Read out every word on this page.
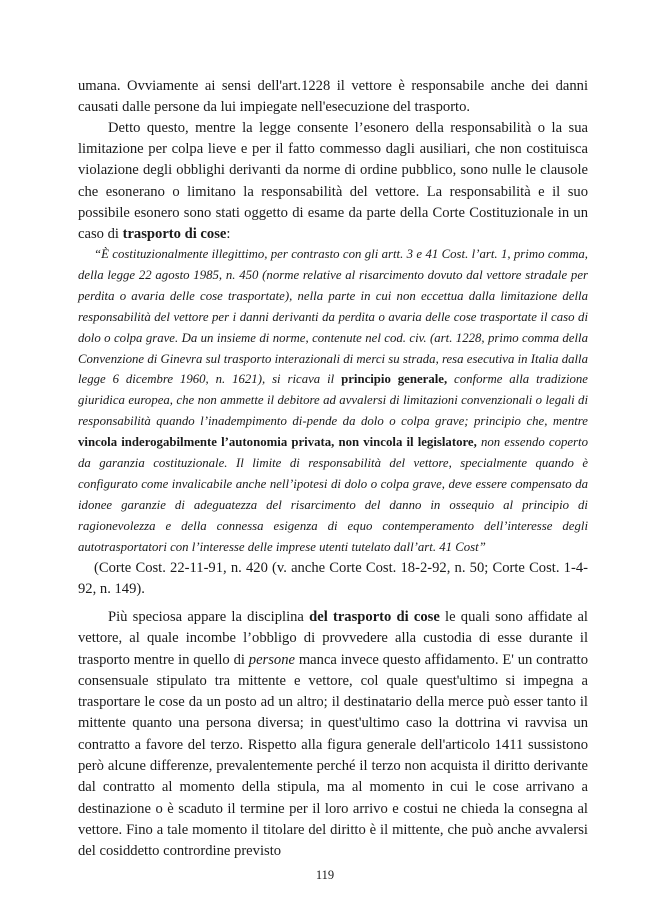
umana. Ovviamente ai sensi dell'art.1228 il vettore è responsabile anche dei danni causati dalle persone da lui impiegate nell'esecuzione del trasporto.

Detto questo, mentre la legge consente l’esonero della responsabilità o la sua limitazione per colpa lieve e per il fatto commesso dagli ausiliari, che non costituisca violazione degli obblighi derivanti da norme di ordine pubblico, sono nulle le clausole che esonerano o limitano la responsabilità del vettore. La responsabilità e il suo possibile esonero sono stati oggetto di esame da parte della Corte Costituzionale in un caso di trasporto di cose:

“È costituzionalmente illegittimo, per contrasto con gli artt. 3 e 41 Cost. l’art. 1, primo comma, della legge 22 agosto 1985, n. 450 (norme relative al risarcimento dovuto dal vettore stradale per perdita o avaria delle cose trasportate), nella parte in cui non eccettua dalla limitazione della responsabilità del vettore per i danni derivanti da perdita o avaria delle cose trasportate il caso di dolo o colpa grave. Da un insieme di norme, contenute nel cod. civ. (art. 1228, primo comma della Convenzione di Ginevra sul trasporto interazionali di merci su strada, resa esecutiva in Italia dalla legge 6 dicembre 1960, n. 1621), si ricava il principio generale, conforme alla tradizione giuridica europea, che non ammette il debitore ad avvalersi di limitazioni convenzionali o legali di responsabilità quando l’inadempimento di-pende da dolo o colpa grave; principio che, mentre vincola inderogabilmente l’autonomia privata, non vincola il legislatore, non essendo coperto da garanzia costituzionale. Il limite di responsabilità del vettore, specialmente quando è configurato come invalicabile anche nell’ipotesi di dolo o colpa grave, deve essere compensato da idonee garanzie di adeguatezza del risarcimento del danno in ossequio al principio di ragionevolezza e della connessa esigenza di equo contemperamento dell’interesse degli autotrasportatori con l’interesse delle imprese utenti tutelato dall’art. 41 Cost”

(Corte Cost. 22-11-91, n. 420 (v. anche Corte Cost. 18-2-92, n. 50; Corte Cost. 1-4-92, n. 149).

Più speciosa appare la disciplina del trasporto di cose le quali sono affidate al vettore, al quale incombe l’obbligo di provvedere alla custodia di esse durante il trasporto mentre in quello di persone manca invece questo affidamento. E' un contratto consensuale stipulato tra mittente e vettore, col quale quest'ultimo si impegna a trasportare le cose da un posto ad un altro; il destinatario della merce può esser tanto il mittente quanto una persona diversa; in quest'ultimo caso la dottrina vi ravvisa un contratto a favore del terzo. Rispetto alla figura generale dell'articolo 1411 sussistono però alcune differenze, prevalentemente perché il terzo non acquista il diritto derivante dal contratto al momento della stipula, ma al momento in cui le cose arrivano a destinazione o è scaduto il termine per il loro arrivo e costui ne chieda la consegna al vettore. Fino a tale momento il titolare del diritto è il mittente, che può anche avvalersi del cosiddetto contrordine previsto

119
